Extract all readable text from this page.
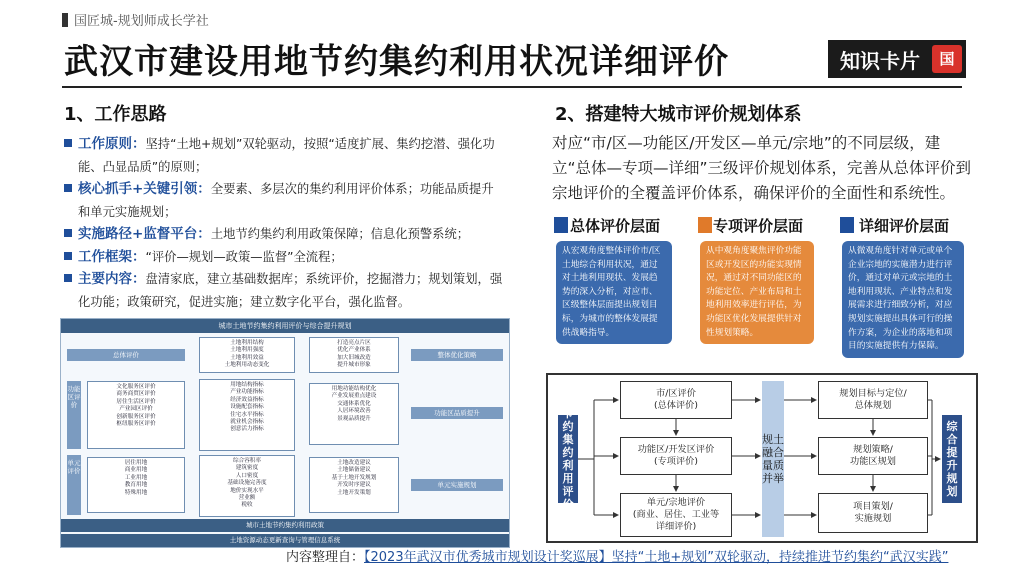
国匠城-规划师成长学社
武汉市建设用地节约集约利用状况详细评价	知识卡片	国
1、工作思路

工作原则：坚持“土地+规划”双轮驱动，按照“适度扩展、集约挖潜、强化功能、凸显品质”的原则；

核心抓手+关键引领：全要素、多层次的集约利用评价体系；功能品质提升和单元实施规划；

实施路径+监督平台：土地节约集约利用政策保障；信息化预警系统；

工作框架：“评价—规划—政策—监督”全流程；

主要内容：盘清家底，建立基础数据库；系统评价，挖掘潜力；规划策划，强化功能；政策研究，促进实施；建立数字化平台，强化监督。

城市土地节约集约利用评价与综合提升规划
总体评价
土地利用结构
土地利用强度
土地利用效益
土地利用动态变化
打造亮点片区
优化产业体系
加大旧城改造
提升城市形象
整体优化策略
功能区评价
文化服务区评价
商务商贸区评价
居住生活区评价
产业园区评价
创新服务区评价
枢纽服务区评价
用地结构指标
产业功能指标
经济效益指标
设施配套指标
住宅水平指标
就业机会指标
创意活力指标
用地功能结构优化
产业发展重点建设
交通体系优化
人居环境改善
景观品质提升
功能区品质提升
单元评价
居住用地
商业用地
工业用地
教育用地
特殊用地
综合容积率
建筑密度
人口密度
基础设施完善度
地价实现水平
营业额
税收
土地改造建议
土地储备建议
基于土地开发规划
开发时序建议
土地开发策划
单元实施规划
城市土地节约集约利用政策
土地资源动态更新查询与管理信息系统
2、搭建特大城市评价规划体系
对应“市/区—功能区/开发区—单元/宗地”的不同层级，建立“总体—专项—详细”三级评价规划体系，完善从总体评价到宗地评价的全覆盖评价体系，确保评价的全面性和系统性。
总体评价层面
从宏观角度整体评价市/区土地综合利用状况，通过对土地利用现状、发展趋势的深入分析，对应市、区级整体层面提出规划目标，为城市的整体发展提供战略指导。
专项评价层面
从中观角度聚焦评价功能区或开发区的功能实现情况，通过对不同功能区的功能定位、产业布局和土地利用效率进行评估，为功能区优化发展提供针对性规划策略。
详细评价层面
从微观角度针对单元或单个企业宗地的实施潜力进行评价，通过对单元或宗地的土地利用现状、产业特点和发展需求进行细致分析，对应规划实施提出具体可行的操作方案，为企业的落地和项目的实施提供有力保障。
节约集约利用评价
市/区评价
(总体评价)
功能区/开发区评价
(专项评价)
单元/宗地评价
(商业、居住、工业等
详细评价)
规土融合 量质并举
规划目标与定位/
总体规划
规划策略/
功能区规划
项目策划/
实施规划
综合提升规划
内容整理自：【2023年武汉市优秀城市规划设计奖巡展】坚持“土地+规划”双轮驱动，持续推进节约集约“武汉实践”
